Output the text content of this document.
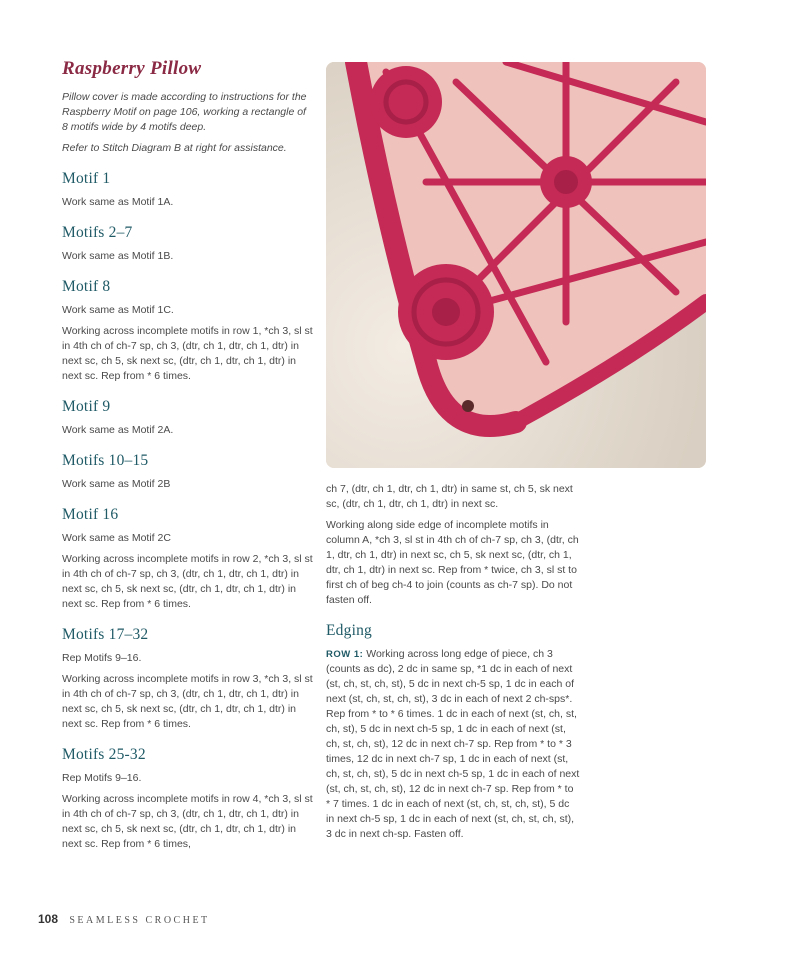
Raspberry Pillow

Pillow cover is made according to instructions for the Raspberry Motif on page 106, working a rectangle of 8 motifs wide by 4 motifs deep.

Refer to Stitch Diagram B at right for assistance.

Motif 1

Work same as Motif 1A.

Motifs 2–7

Work same as Motif 1B.

Motif 8

Work same as Motif 1C.

Working across incomplete motifs in row 1, *ch 3, sl st in 4th ch of ch-7 sp, ch 3, (dtr, ch 1, dtr, ch 1, dtr) in next sc, ch 5, sk next sc, (dtr, ch 1, dtr, ch 1, dtr) in next sc. Rep from * 6 times.

Motif 9

Work same as Motif 2A.

Motifs 10–15

Work same as Motif 2B

Motif 16

Work same as Motif 2C

Working across incomplete motifs in row 2, *ch 3, sl st in 4th ch of ch-7 sp, ch 3, (dtr, ch 1, dtr, ch 1, dtr) in next sc, ch 5, sk next sc, (dtr, ch 1, dtr, ch 1, dtr) in next sc. Rep from * 6 times.

Motifs 17–32

Rep Motifs 9–16.

Working across incomplete motifs in row 3, *ch 3, sl st in 4th ch of ch-7 sp, ch 3, (dtr, ch 1, dtr, ch 1, dtr) in next sc, ch 5, sk next sc, (dtr, ch 1, dtr, ch 1, dtr) in next sc. Rep from * 6 times.

Motifs 25-32

Rep Motifs 9–16.

Working across incomplete motifs in row 4, *ch 3, sl st in 4th ch of ch-7 sp, ch 3, (dtr, ch 1, dtr, ch 1, dtr) in next sc, ch 5, sk next sc, (dtr, ch 1, dtr, ch 1, dtr) in next sc. Rep from * 6 times,

ch 7, (dtr, ch 1, dtr, ch 1, dtr) in same st, ch 5, sk next sc, (dtr, ch 1, dtr, ch 1, dtr) in next sc.

Working along side edge of incomplete motifs in column A, *ch 3, sl st in 4th ch of ch-7 sp, ch 3, (dtr, ch 1, dtr, ch 1, dtr) in next sc, ch 5, sk next sc, (dtr, ch 1, dtr, ch 1, dtr) in next sc. Rep from * twice, ch 3, sl st to first ch of beg ch-4 to join (counts as ch-7 sp). Do not fasten off.

Edging

ROW 1: Working across long edge of piece, ch 3 (counts as dc), 2 dc in same sp, *1 dc in each of next (st, ch, st, ch, st), 5 dc in next ch-5 sp, 1 dc in each of next (st, ch, st, ch, st), 3 dc in each of next 2 ch-sps*. Rep from * to * 6 times. 1 dc in each of next (st, ch, st, ch, st), 5 dc in next ch-5 sp, 1 dc in each of next (st, ch, st, ch, st), 12 dc in next ch-7 sp. Rep from * to * 3 times, 12 dc in next ch-7 sp, 1 dc in each of next (st, ch, st, ch, st), 5 dc in next ch-5 sp, 1 dc in each of next (st, ch, st, ch, st), 12 dc in next ch-7 sp. Rep from * to * 7 times. 1 dc in each of next (st, ch, st, ch, st), 5 dc in next ch-5 sp, 1 dc in each of next (st, ch, st, ch, st), 3 dc in next ch-sp. Fasten off.

108 SEAMLESS CROCHET
